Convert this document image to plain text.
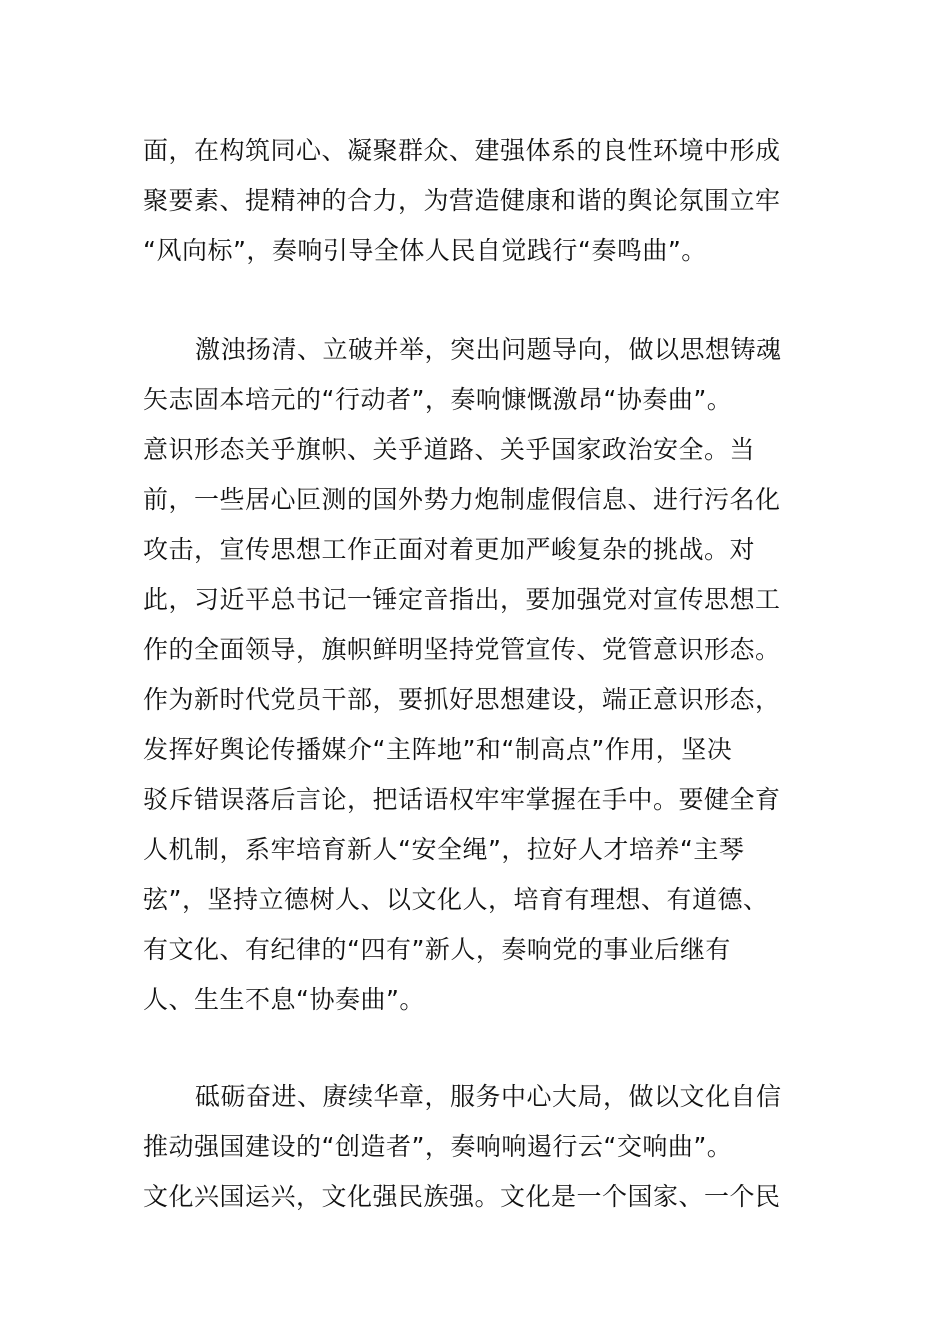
面，在构筑同心、凝聚群众、建强体系的良性环境中形成
聚要素、提精神的合力，为营造健康和谐的舆论氛围立牢
“风向标”，奏响引导全体人民自觉践行“奏鸣曲”。
激浊扬清、立破并举，突出问题导向，做以思想铸魂
矢志固本培元的“行动者”，奏响慷慨激昂“协奏曲”。
意识形态关乎旗帜、关乎道路、关乎国家政治安全。当
前，一些居心叵测的国外势力炮制虚假信息、进行污名化
攻击，宣传思想工作正面对着更加严峻复杂的挑战。对
此，习近平总书记一锤定音指出，要加强党对宣传思想工
作的全面领导，旗帜鲜明坚持党管宣传、党管意识形态。
作为新时代党员干部，要抓好思想建设，端正意识形态，
发挥好舆论传播媒介“主阵地”和“制高点”作用，坚决
驳斥错误落后言论，把话语权牢牢掌握在手中。要健全育
人机制，系牢培育新人“安全绳”，拉好人才培养“主琴
弦”，坚持立德树人、以文化人，培育有理想、有道德、
有文化、有纪律的“四有”新人，奏响党的事业后继有
人、生生不息“协奏曲”。
砥砺奋进、赓续华章，服务中心大局，做以文化自信
推动强国建设的“创造者”，奏响响遏行云“交响曲”。
文化兴国运兴，文化强民族强。文化是一个国家、一个民
